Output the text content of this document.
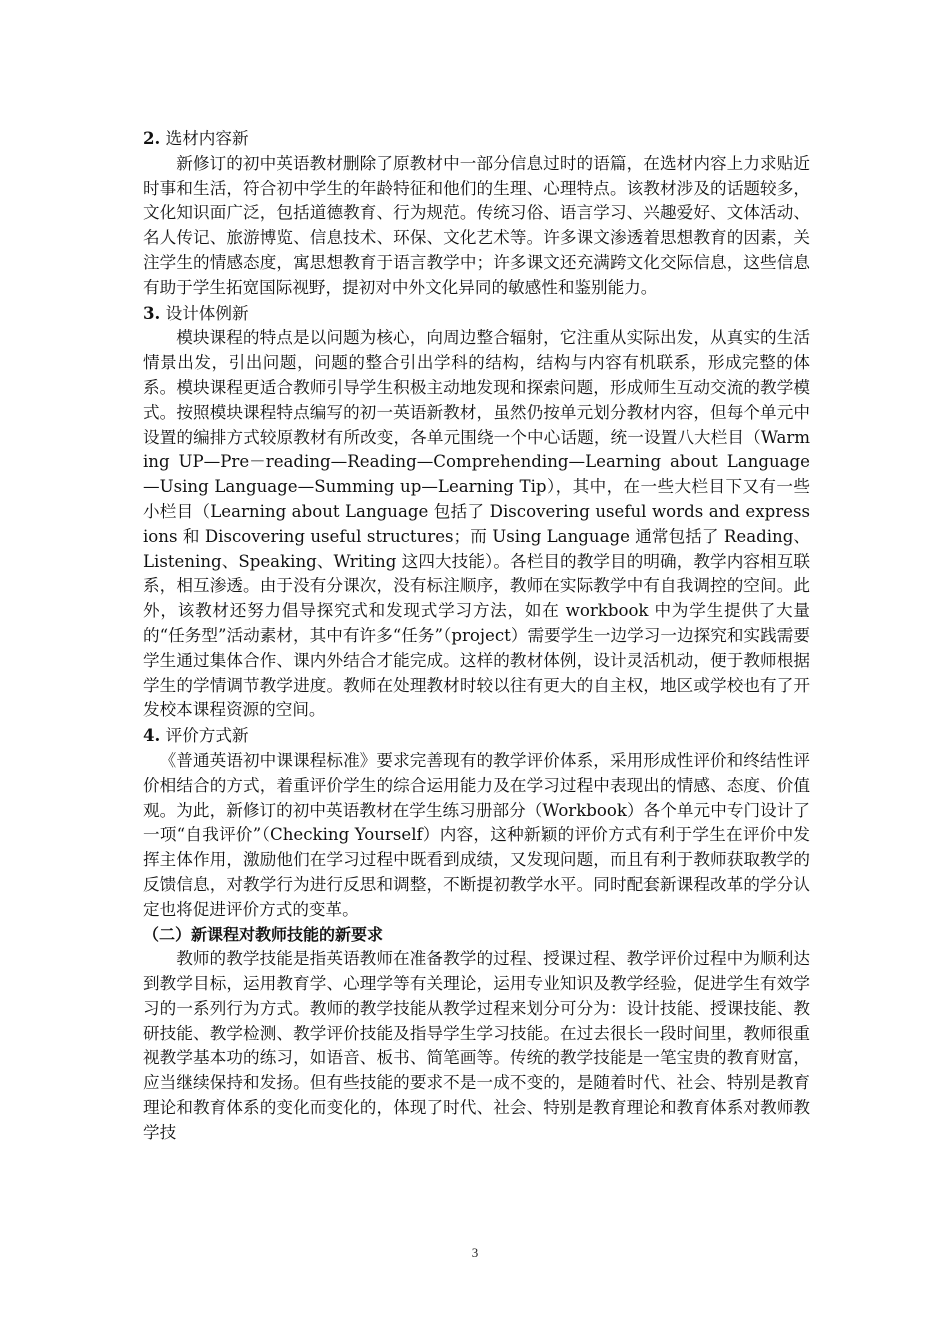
2. 选材内容新

新修订的初中英语教材删除了原教材中一部分信息过时的语篇，在选材内容上力求贴近时事和生活，符合初中学生的年龄特征和他们的生理、心理特点。该教材涉及的话题较多，文化知识面广泛，包括道德教育、行为规范。传统习俗、语言学习、兴趣爱好、文体活动、名人传记、旅游博览、信息技术、环保、文化艺术等。许多课文渗透着思想教育的因素，关注学生的情感态度，寓思想教育于语言教学中；许多课文还充满跨文化交际信息，这些信息有助于学生拓宽国际视野，提初对中外文化异同的敏感性和鉴别能力。

3. 设计体例新

模块课程的特点是以问题为核心，向周边整合辐射，它注重从实际出发，从真实的生活情景出发，引出问题，问题的整合引出学科的结构，结构与内容有机联系，形成完整的体系。模块课程更适合教师引导学生积极主动地发现和探索问题，形成师生互动交流的教学模式。按照模块课程特点编写的初一英语新教材，虽然仍按单元划分教材内容，但每个单元中设置的编排方式较原教材有所改变，各单元围绕一个中心话题，统一设置八大栏目（Warming UP—Pre－reading—Reading—Comprehending—Learning about Language—Using Language—Summing up—Learning Tip），其中，在一些大栏目下又有一些小栏目（Learning about Language 包括了 Discovering useful words and expressions 和 Discovering useful structures；而 Using Language 通常包括了 Reading、Listening、Speaking、Writing 这四大技能）。各栏目的教学目的明确，教学内容相互联系，相互渗透。由于没有分课次，没有标注顺序，教师在实际教学中有自我调控的空间。此外，该教材还努力倡导探究式和发现式学习方法，如在 workbook 中为学生提供了大量的“任务型”活动素材，其中有许多“任务”（project）需要学生一边学习一边探究和实践需要学生通过集体合作、课内外结合才能完成。这样的教材体例，设计灵活机动，便于教师根据学生的学情调节教学进度。教师在处理教材时较以往有更大的自主权，地区或学校也有了开发校本课程资源的空间。

4. 评价方式新

《普通英语初中课课程标准》要求完善现有的教学评价体系，采用形成性评价和终结性评价相结合的方式，着重评价学生的综合运用能力及在学习过程中表现出的情感、态度、价值观。为此，新修订的初中英语教材在学生练习册部分（Workbook）各个单元中专门设计了一项“自我评价”（Checking Yourself）内容，这种新颖的评价方式有利于学生在评价中发挥主体作用，激励他们在学习过程中既看到成绩，又发现问题，而且有利于教师获取教学的反馈信息，对教学行为进行反思和调整，不断提初教学水平。同时配套新课程改革的学分认定也将促进评价方式的变革。

（二）新课程对教师技能的新要求

教师的教学技能是指英语教师在准备教学的过程、授课过程、教学评价过程中为顺利达到教学目标，运用教育学、心理学等有关理论，运用专业知识及教学经验，促进学生有效学习的一系列行为方式。教师的教学技能从教学过程来划分可分为：设计技能、授课技能、教研技能、教学检测、教学评价技能及指导学生学习技能。在过去很长一段时间里，教师很重视教学基本功的练习，如语音、板书、简笔画等。传统的教学技能是一笔宝贵的教育财富，应当继续保持和发扬。但有些技能的要求不是一成不变的，是随着时代、社会、特别是教育理论和教育体系的变化而变化的，体现了时代、社会、特别是教育理论和教育体系对教师教学技

3
